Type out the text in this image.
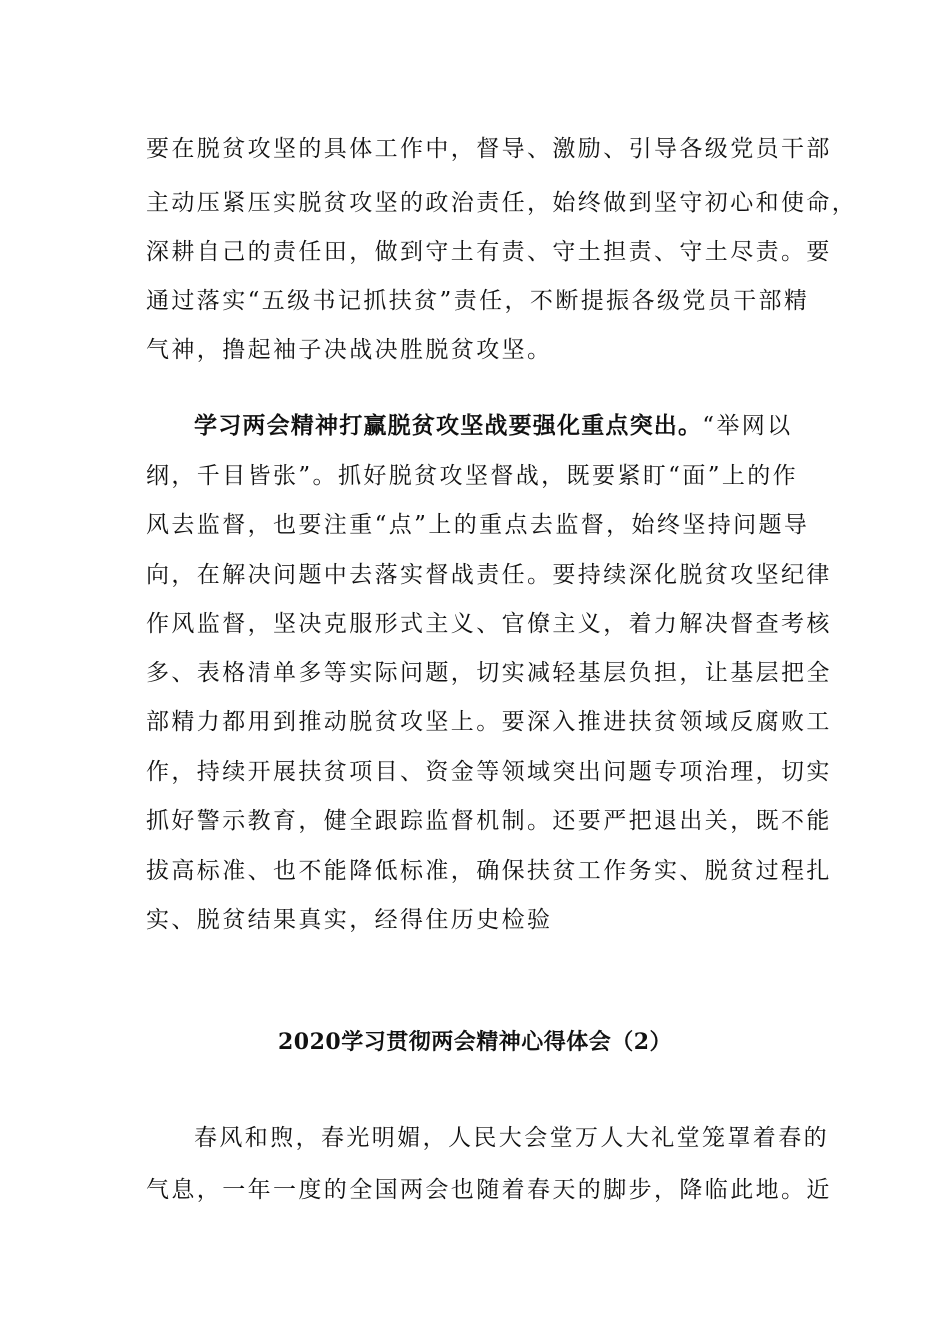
要在脱贫攻坚的具体工作中，督导、激励、引导各级党员干部
主动压紧压实脱贫攻坚的政治责任，始终做到坚守初心和使命，
深耕自己的责任田，做到守土有责、守土担责、守土尽责。要
通过落实“五级书记抓扶贫”责任，不断提振各级党员干部精
气神，撸起袖子决战决胜脱贫攻坚。
学习两会精神打赢脱贫攻坚战要强化重点突出。“举网以
纲，千目皆张”。抓好脱贫攻坚督战，既要紧盯“面”上的作
风去监督，也要注重“点”上的重点去监督，始终坚持问题导
向，在解决问题中去落实督战责任。要持续深化脱贫攻坚纪律
作风监督，坚决克服形式主义、官僚主义，着力解决督查考核
多、表格清单多等实际问题，切实减轻基层负担，让基层把全
部精力都用到推动脱贫攻坚上。要深入推进扶贫领域反腐败工
作，持续开展扶贫项目、资金等领域突出问题专项治理，切实
抓好警示教育，健全跟踪监督机制。还要严把退出关，既不能
拔高标准、也不能降低标准，确保扶贫工作务实、脱贫过程扎
实、脱贫结果真实，经得住历史检验
2020学习贯彻两会精神心得体会（2）
春风和煦，春光明媚，人民大会堂万人大礼堂笼罩着春的
气息，一年一度的全国两会也随着春天的脚步，降临此地。近
